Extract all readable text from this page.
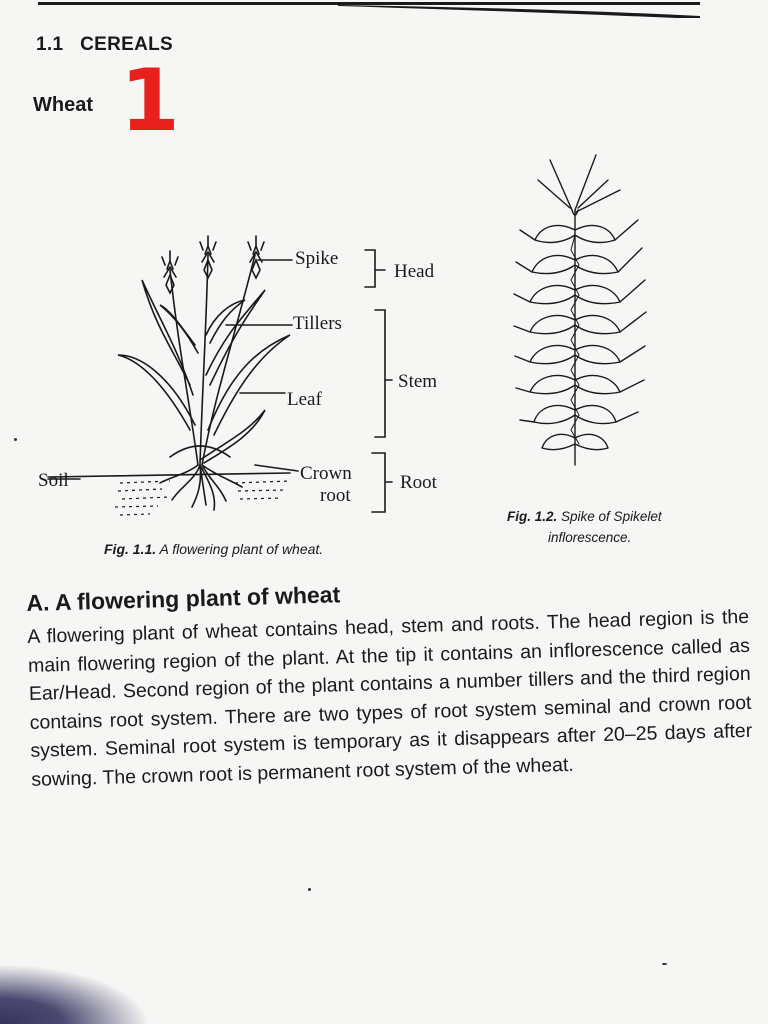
1.1 CEREALS
Wheat 1
Spike
Head
Tillers
Stem
Leaf
Soil	Crown
root
Root
Fig. 1.1. A flowering plant of wheat.
Fig. 1.2. Spike of Spikelet
inflorescence.
A. A flowering plant of wheat

A flowering plant of wheat contains head, stem and roots. The head region is the main flowering region of the plant. At the tip it contains an inflorescence called as Ear/Head. Second region of the plant contains a number tillers and the third region contains root system. There are two types of root system seminal and crown root system. Seminal root system is temporary as it disappears after 20–25 days after sowing. The crown root is permanent root system of the wheat.
